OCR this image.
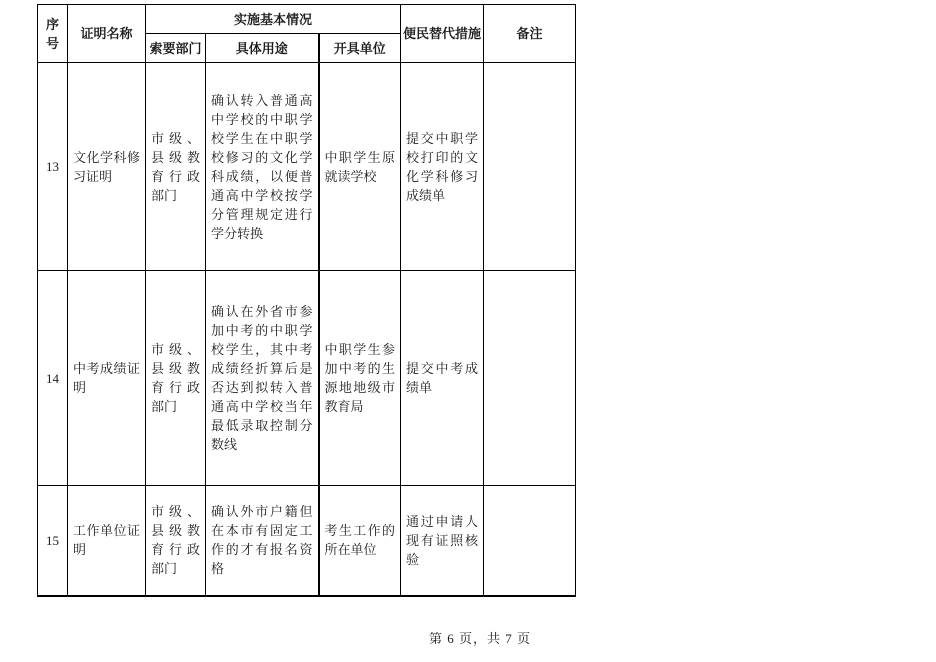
序号	证明名称	实施基本情况			便民替代措施	备注
		索要部门	具体用途	开具单位		
13	文化学科修习证明	市级、县级教育行政部门	确认转入普通高中学校的中职学校学生在中职学校修习的文化学科成绩，以便普通高中学校按学分管理规定进行学分转换	中职学生原就读学校	提交中职学校打印的文化学科修习成绩单	
14	中考成绩证明	市级、县级教育行政部门	确认在外省市参加中考的中职学校学生，其中考成绩经折算后是否达到拟转入普通高中学校当年最低录取控制分数线	中职学生参加中考的生源地地级市教育局	提交中考成绩单	
15	工作单位证明	市级、县级教育行政部门	确认外市户籍但在本市有固定工作的才有报名资格	考生工作的所在单位	通过申请人现有证照核验	
第 6 页，共 7 页
